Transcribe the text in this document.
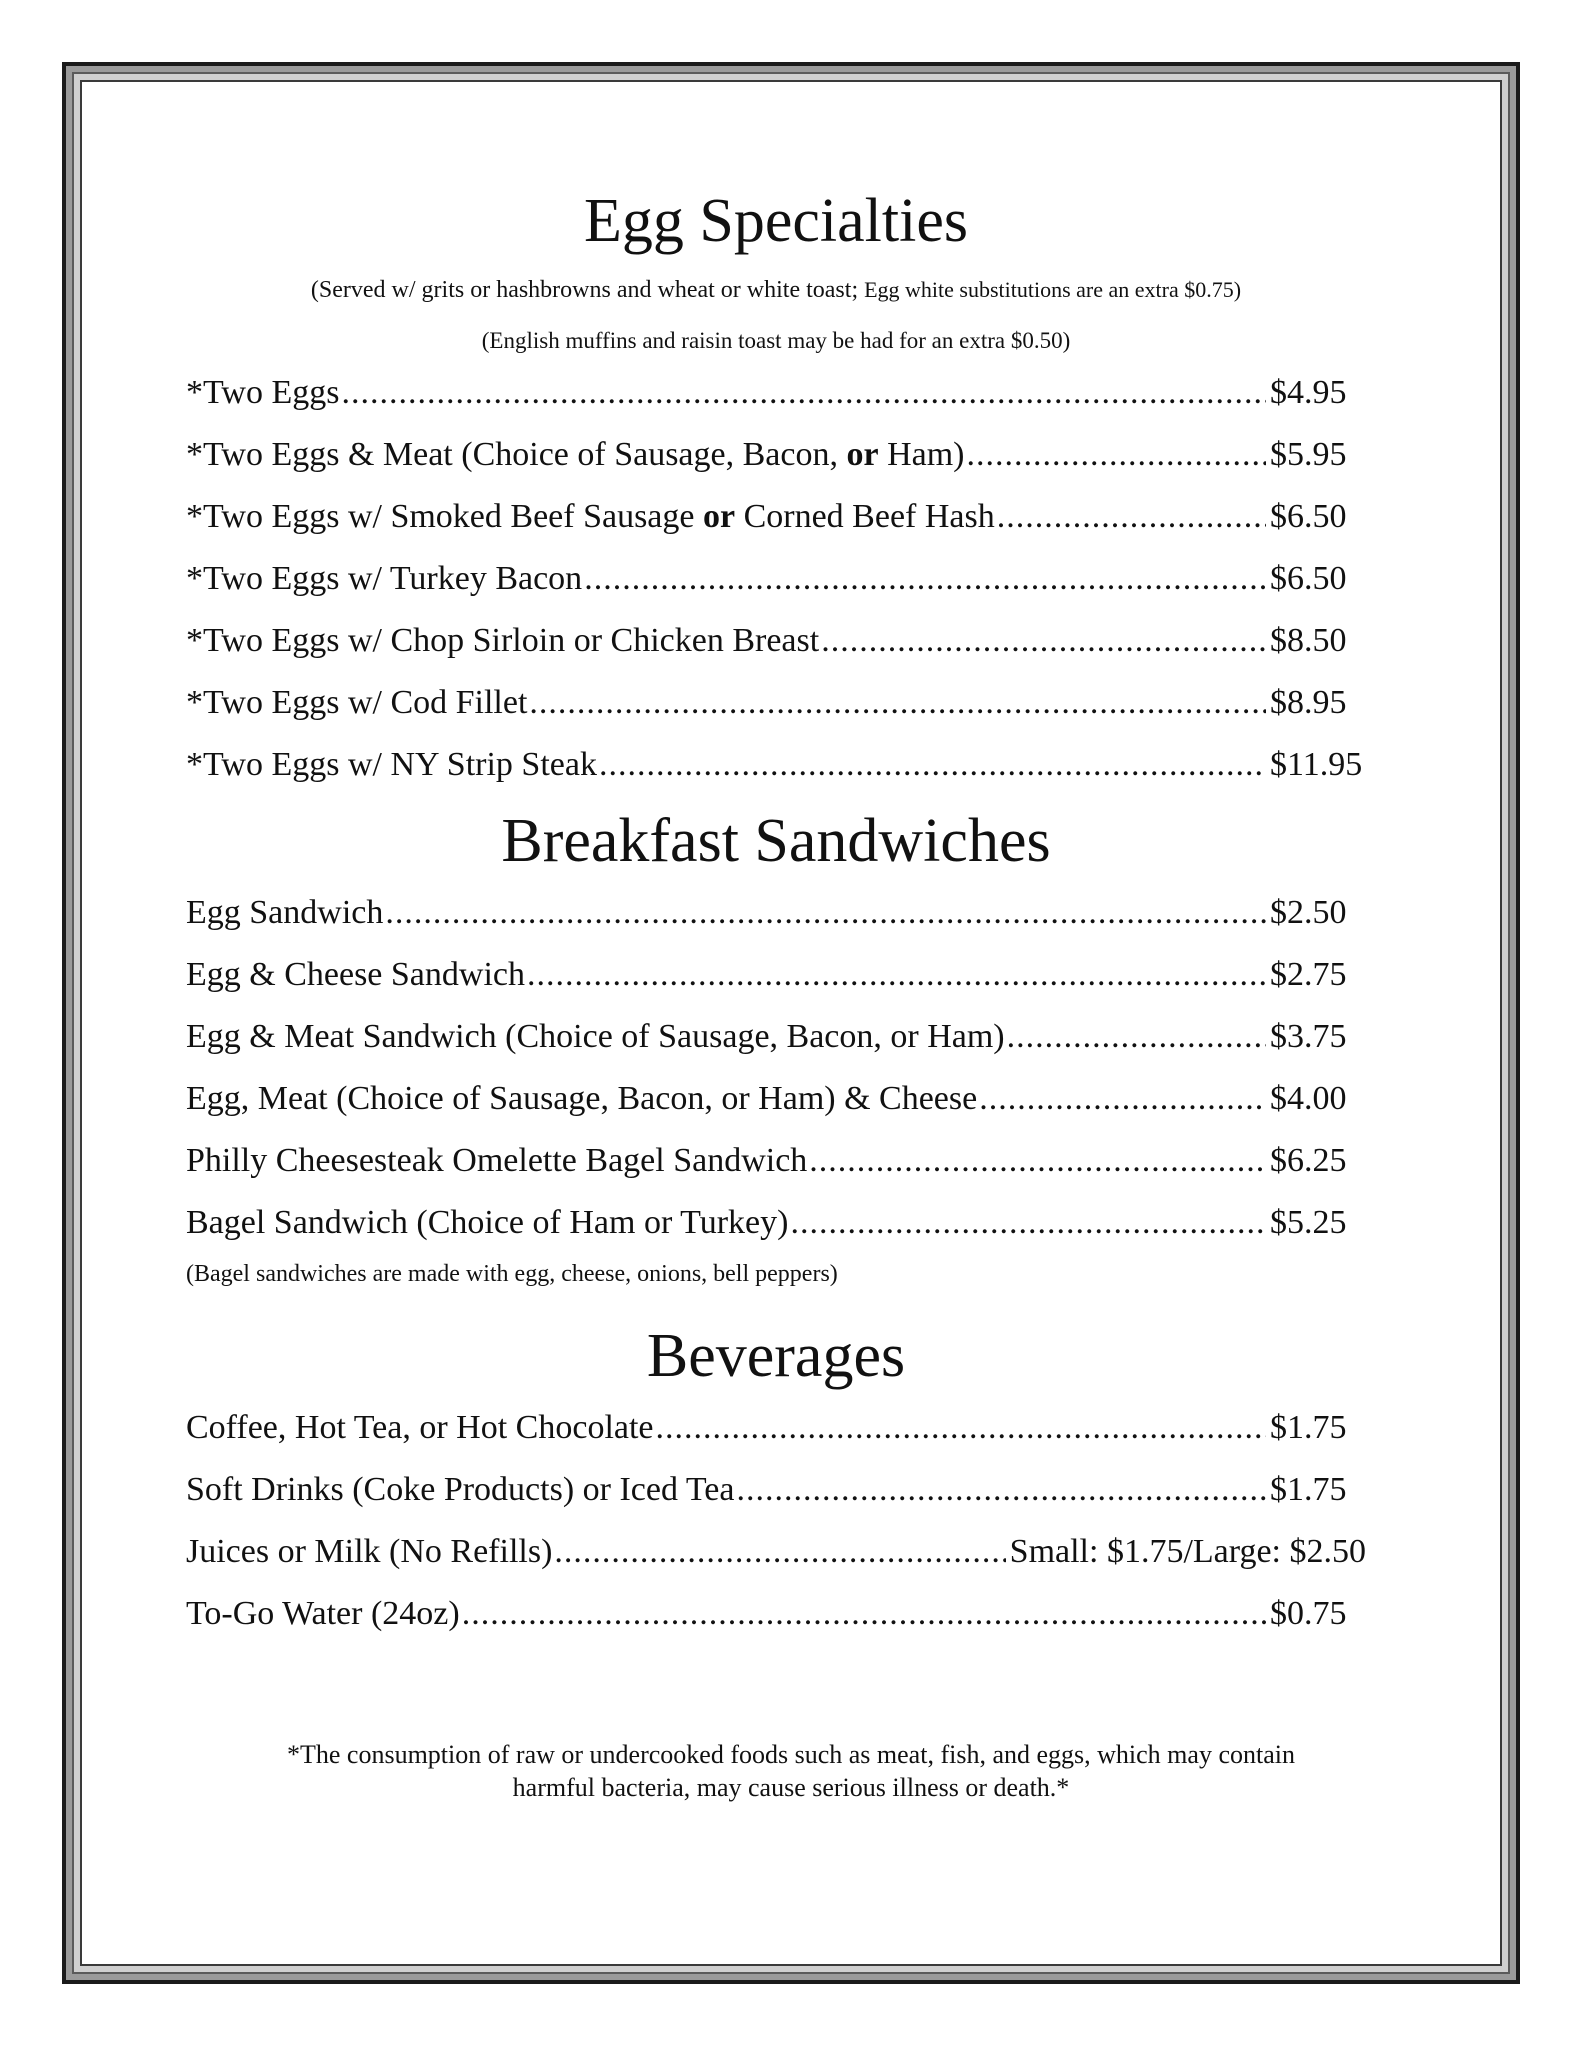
Egg Specialties
(Served w/ grits or hashbrowns and wheat or white toast; Egg white substitutions are an extra $0.75)
(English muffins and raisin toast may be had for an extra $0.50)
*Two Eggs .....	$4.95
*Two Eggs & Meat (Choice of Sausage, Bacon, or Ham) .....	$5.95
*Two Eggs w/ Smoked Beef Sausage or Corned Beef Hash .....	$6.50
*Two Eggs w/ Turkey Bacon .....	$6.50
*Two Eggs w/ Chop Sirloin or Chicken Breast .....	$8.50
*Two Eggs w/ Cod Fillet .....	$8.95
*Two Eggs w/ NY Strip Steak .....	$11.95
Breakfast Sandwiches
Egg Sandwich .....	$2.50
Egg & Cheese Sandwich .....	$2.75
Egg & Meat Sandwich (Choice of Sausage, Bacon, or Ham) .....	$3.75
Egg, Meat (Choice of Sausage, Bacon, or Ham) & Cheese .....	$4.00
Philly Cheesesteak Omelette Bagel Sandwich .....	$6.25
Bagel Sandwich (Choice of Ham or Turkey) .....	$5.25
(Bagel sandwiches are made with egg, cheese, onions, bell peppers)
Beverages
Coffee, Hot Tea, or Hot Chocolate .....	$1.75
Soft Drinks (Coke Products) or Iced Tea .....	$1.75
Juices or Milk (No Refills) .....	Small: $1.75/Large: $2.50
To-Go Water (24oz) .....	$0.75
*The consumption of raw or undercooked foods such as meat, fish, and eggs, which may contain
harmful bacteria, may cause serious illness or death.*
